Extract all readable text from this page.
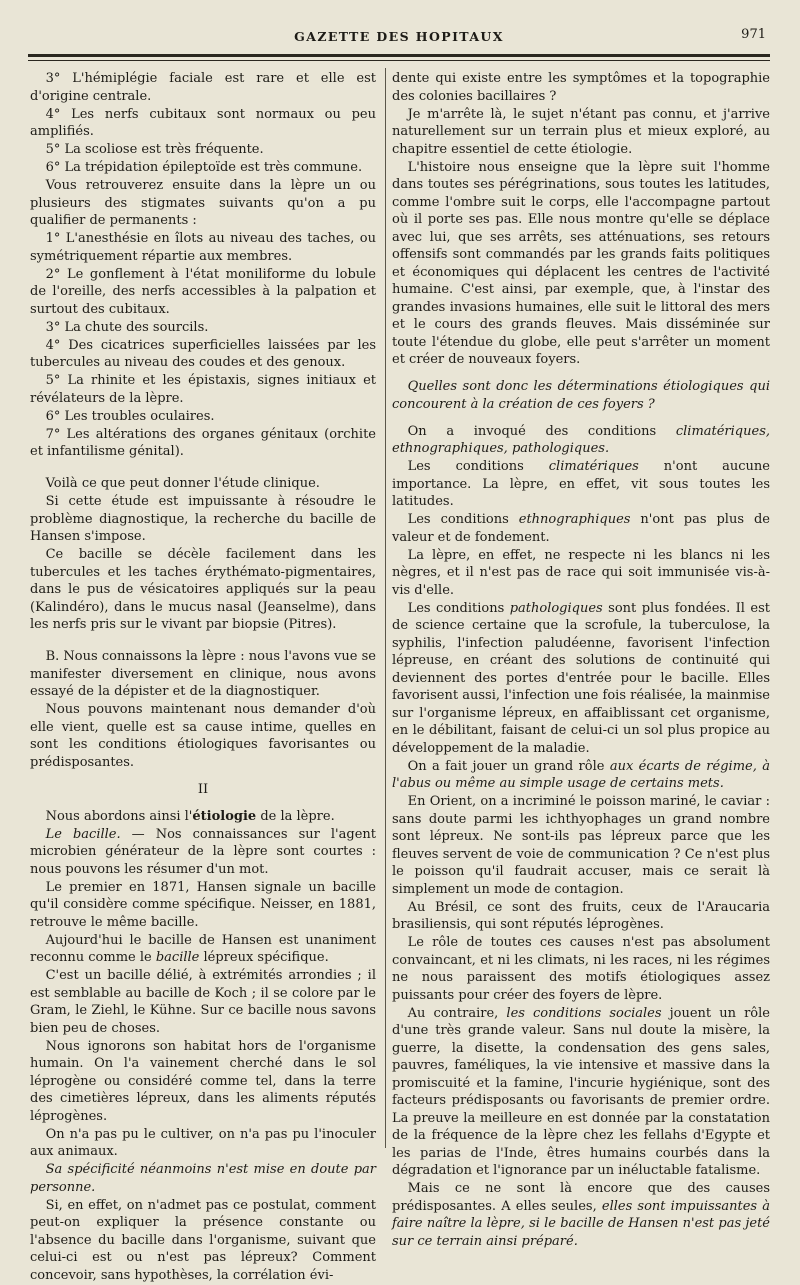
GAZETTE DES HOPITAUX	971

3° L'hémiplégie faciale est rare et elle est d'origine centrale.

4° Les nerfs cubitaux sont normaux ou peu amplifiés.

5° La scoliose est très fréquente.

6° La trépidation épileptoïde est très commune.

Vous retrouverez ensuite dans la lèpre un ou plusieurs des stigmates suivants qu'on a pu qualifier de permanents :

1° L'anesthésie en îlots au niveau des taches, ou symétriquement répartie aux membres.

2° Le gonflement à l'état moniliforme du lobule de l'oreille, des nerfs accessibles à la palpation et surtout des cubitaux.

3° La chute des sourcils.

4° Des cicatrices superficielles laissées par les tubercules au niveau des coudes et des genoux.

5° La rhinite et les épistaxis, signes initiaux et révélateurs de la lèpre.

6° Les troubles oculaires.

7° Les altérations des organes génitaux (orchite et infantilisme génital).

Voilà ce que peut donner l'étude clinique.

Si cette étude est impuissante à résoudre le problème diagnostique, la recherche du bacille de Hansen s'impose.

Ce bacille se décèle facilement dans les tubercules et les taches érythémato-pigmentaires, dans le pus de vésicatoires appliqués sur la peau (Kalindéro), dans le mucus nasal (Jeanselme), dans les nerfs pris sur le vivant par biopsie (Pitres).

B. Nous connaissons la lèpre : nous l'avons vue se manifester diversement en clinique, nous avons essayé de la dépister et de la diagnostiquer.

Nous pouvons maintenant nous demander d'où elle vient, quelle est sa cause intime, quelles en sont les conditions étiologiques favorisantes ou prédisposantes.

II

Nous abordons ainsi l'étiologie de la lèpre.

Le bacille. — Nos connaissances sur l'agent microbien générateur de la lèpre sont courtes : nous pouvons les résumer d'un mot.

Le premier en 1871, Hansen signale un bacille qu'il considère comme spécifique. Neisser, en 1881, retrouve le même bacille.

Aujourd'hui le bacille de Hansen est unaniment reconnu comme le bacille lépreux spécifique.

C'est un bacille délié, à extrémités arrondies ; il est semblable au bacille de Koch ; il se colore par le Gram, le Ziehl, le Kühne. Sur ce bacille nous savons bien peu de choses.

Nous ignorons son habitat hors de l'organisme humain. On l'a vainement cherché dans le sol léprogène ou considéré comme tel, dans la terre des cimetières lépreux, dans les aliments réputés léprogènes.

On n'a pas pu le cultiver, on n'a pas pu l'inoculer aux animaux.

Sa spécificité néanmoins n'est mise en doute par personne.

Si, en effet, on n'admet pas ce postulat, comment peut-on expliquer la présence constante ou l'absence du bacille dans l'organisme, suivant que celui-ci est ou n'est pas lépreux? Comment concevoir, sans hypothèses, la corrélation évi-

dente qui existe entre les symptômes et la topographie des colonies bacillaires ?

Je m'arrête là, le sujet n'étant pas connu, et j'arrive naturellement sur un terrain plus et mieux exploré, au chapitre essentiel de cette étiologie.

L'histoire nous enseigne que la lèpre suit l'homme dans toutes ses pérégrinations, sous toutes les latitudes, comme l'ombre suit le corps, elle l'accompagne partout où il porte ses pas. Elle nous montre qu'elle se déplace avec lui, que ses arrêts, ses atténuations, ses retours offensifs sont commandés par les grands faits politiques et économiques qui déplacent les centres de l'activité humaine. C'est ainsi, par exemple, que, à l'instar des grandes invasions humaines, elle suit le littoral des mers et le cours des grands fleuves. Mais disséminée sur toute l'étendue du globe, elle peut s'arrêter un moment et créer de nouveaux foyers.

Quelles sont donc les déterminations étiologiques qui concourent à la création de ces foyers ?

On a invoqué des conditions climatériques, ethnographiques, pathologiques.

Les conditions climatériques n'ont aucune importance. La lèpre, en effet, vit sous toutes les latitudes.

Les conditions ethnographiques n'ont pas plus de valeur et de fondement.

La lèpre, en effet, ne respecte ni les blancs ni les nègres, et il n'est pas de race qui soit immunisée vis-à-vis d'elle.

Les conditions pathologiques sont plus fondées. Il est de science certaine que la scrofule, la tuberculose, la syphilis, l'infection paludéenne, favorisent l'infection lépreuse, en créant des solutions de continuité qui deviennent des portes d'entrée pour le bacille. Elles favorisent aussi, l'infection une fois réalisée, la mainmise sur l'organisme lépreux, en affaiblissant cet organisme, en le débilitant, faisant de celui-ci un sol plus propice au développement de la maladie.

On a fait jouer un grand rôle aux écarts de régime, à l'abus ou même au simple usage de certains mets.

En Orient, on a incriminé le poisson mariné, le caviar : sans doute parmi les ichthyophages un grand nombre sont lépreux. Ne sont-ils pas lépreux parce que les fleuves servent de voie de communication ? Ce n'est plus le poisson qu'il faudrait accuser, mais ce serait là simplement un mode de contagion.

Au Brésil, ce sont des fruits, ceux de l'Araucaria brasiliensis, qui sont réputés léprogènes.

Le rôle de toutes ces causes n'est pas absolument convaincant, et ni les climats, ni les races, ni les régimes ne nous paraissent des motifs étiologiques assez puissants pour créer des foyers de lèpre.

Au contraire, les conditions sociales jouent un rôle d'une très grande valeur. Sans nul doute la misère, la guerre, la disette, la condensation des gens sales, pauvres, faméliques, la vie intensive et massive dans la promiscuité et la famine, l'incurie hygiénique, sont des facteurs prédisposants ou favorisants de premier ordre. La preuve la meilleure en est donnée par la constatation de la fréquence de la lèpre chez les fellahs d'Egypte et les parias de l'Inde, êtres humains courbés dans la dégradation et l'ignorance par un inéluctable fatalisme.

Mais ce ne sont là encore que des causes prédisposantes. A elles seules, elles sont impuissantes à faire naître la lèpre, si le bacille de Hansen n'est pas jeté sur ce terrain ainsi préparé.
